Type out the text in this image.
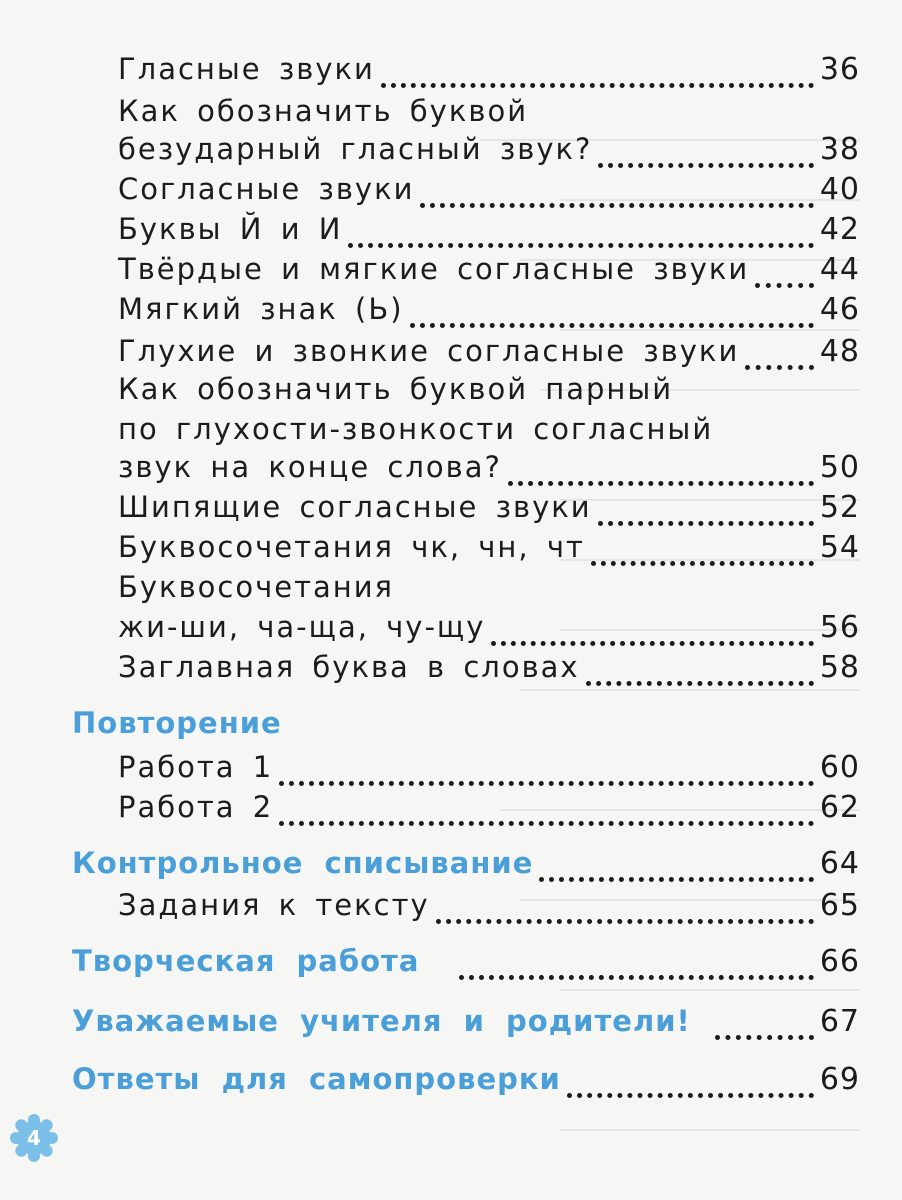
Гласные звуки	36
Как обозначить буквой
безударный гласный звук?	38
Согласные звуки	40
Буквы Й и И	42
Твёрдые и мягкие согласные звуки 44
Мягкий знак (Ь)	46
Глухие и звонкие согласные звуки	48
Как обозначить буквой парный
по глухости-звонкости согласный
звук на конце слова?	50
Шипящие согласные звуки	52
Буквосочетания чк, чн, чт	54
Буквосочетания
жи-ши, ча-ща, чу-щу	56
Заглавная буква в словах	58
Повторение
Работа 1	60
Работа 2	62
Контрольное списывание	64
Задания к тексту	65
Творческая работа	66
Уважаемые учителя и родители!	67
Ответы для самопроверки	69
4
